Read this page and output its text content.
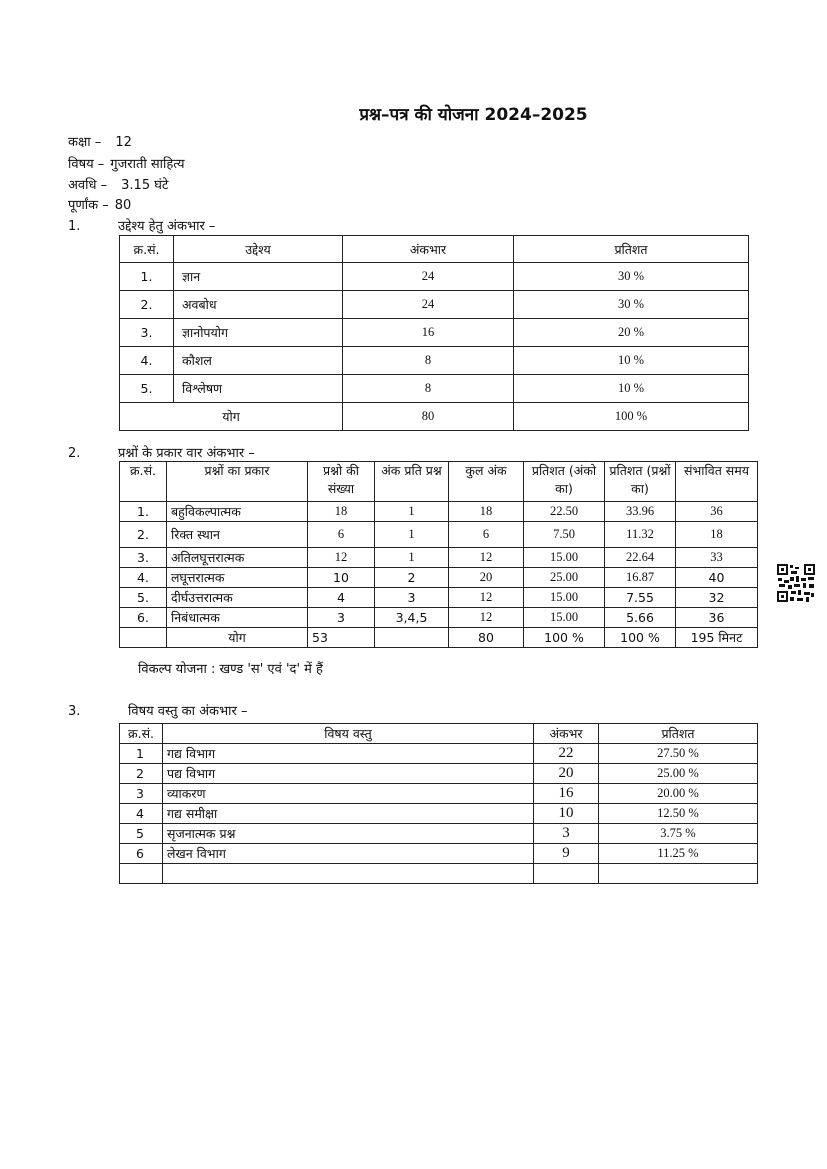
प्रश्न–पत्र की योजना 2024–2025
कक्षा – 12
विषय – गुजराती साहित्य
अवधि – 3.15 घंटे
पूर्णांक – 80
1.	उद्देश्य हेतु अंकभार –
क्र.सं.	उद्देश्य	अंकभार	प्रतिशत
1.	ज्ञान	24	30 %
2.	अवबोध	24	30 %
3.	ज्ञानोपयोग	16	20 %
4.	कौशल	8	10 %
5.	विश्लेषण	8	10 %
योग		80	100 %
2.	प्रश्नों के प्रकार वार अंकभार –
क्र.सं.	प्रश्नों का प्रकार	प्रश्नो की संख्या	अंक प्रति प्रश्न	कुल अंक	प्रतिशत (अंको का)	प्रतिशत (प्रश्नों का)	संभावित समय
1.	बहुविकल्पात्मक	18	1	18	22.50	33.96	36
2.	रिक्त स्थान	6	1	6	7.50	11.32	18
3.	अतिलघूत्तरात्मक	12	1	12	15.00	22.64	33
4.	लघूत्तरात्मक	10	2	20	25.00	16.87	40
5.	दीर्घउत्तरात्मक	4	3	12	15.00	7.55	32
6.	निबंधात्मक	3	3,4,5	12	15.00	5.66	36
	योग	53		80	100 %	100 %	195 मिनट
विकल्प योजना : खण्ड 'स' एवं 'द' में हैं
3.	विषय वस्तु का अंकभार –
क्र.सं.	विषय वस्तु	अंकभर	प्रतिशत
1	गद्य विभाग	22	27.50 %
2	पद्य विभाग	20	25.00 %
3	व्याकरण	16	20.00 %
4	गद्य समीक्षा	10	12.50 %
5	सृजनात्मक प्रश्न	3	3.75 %
6	लेखन विभाग	9	11.25 %
